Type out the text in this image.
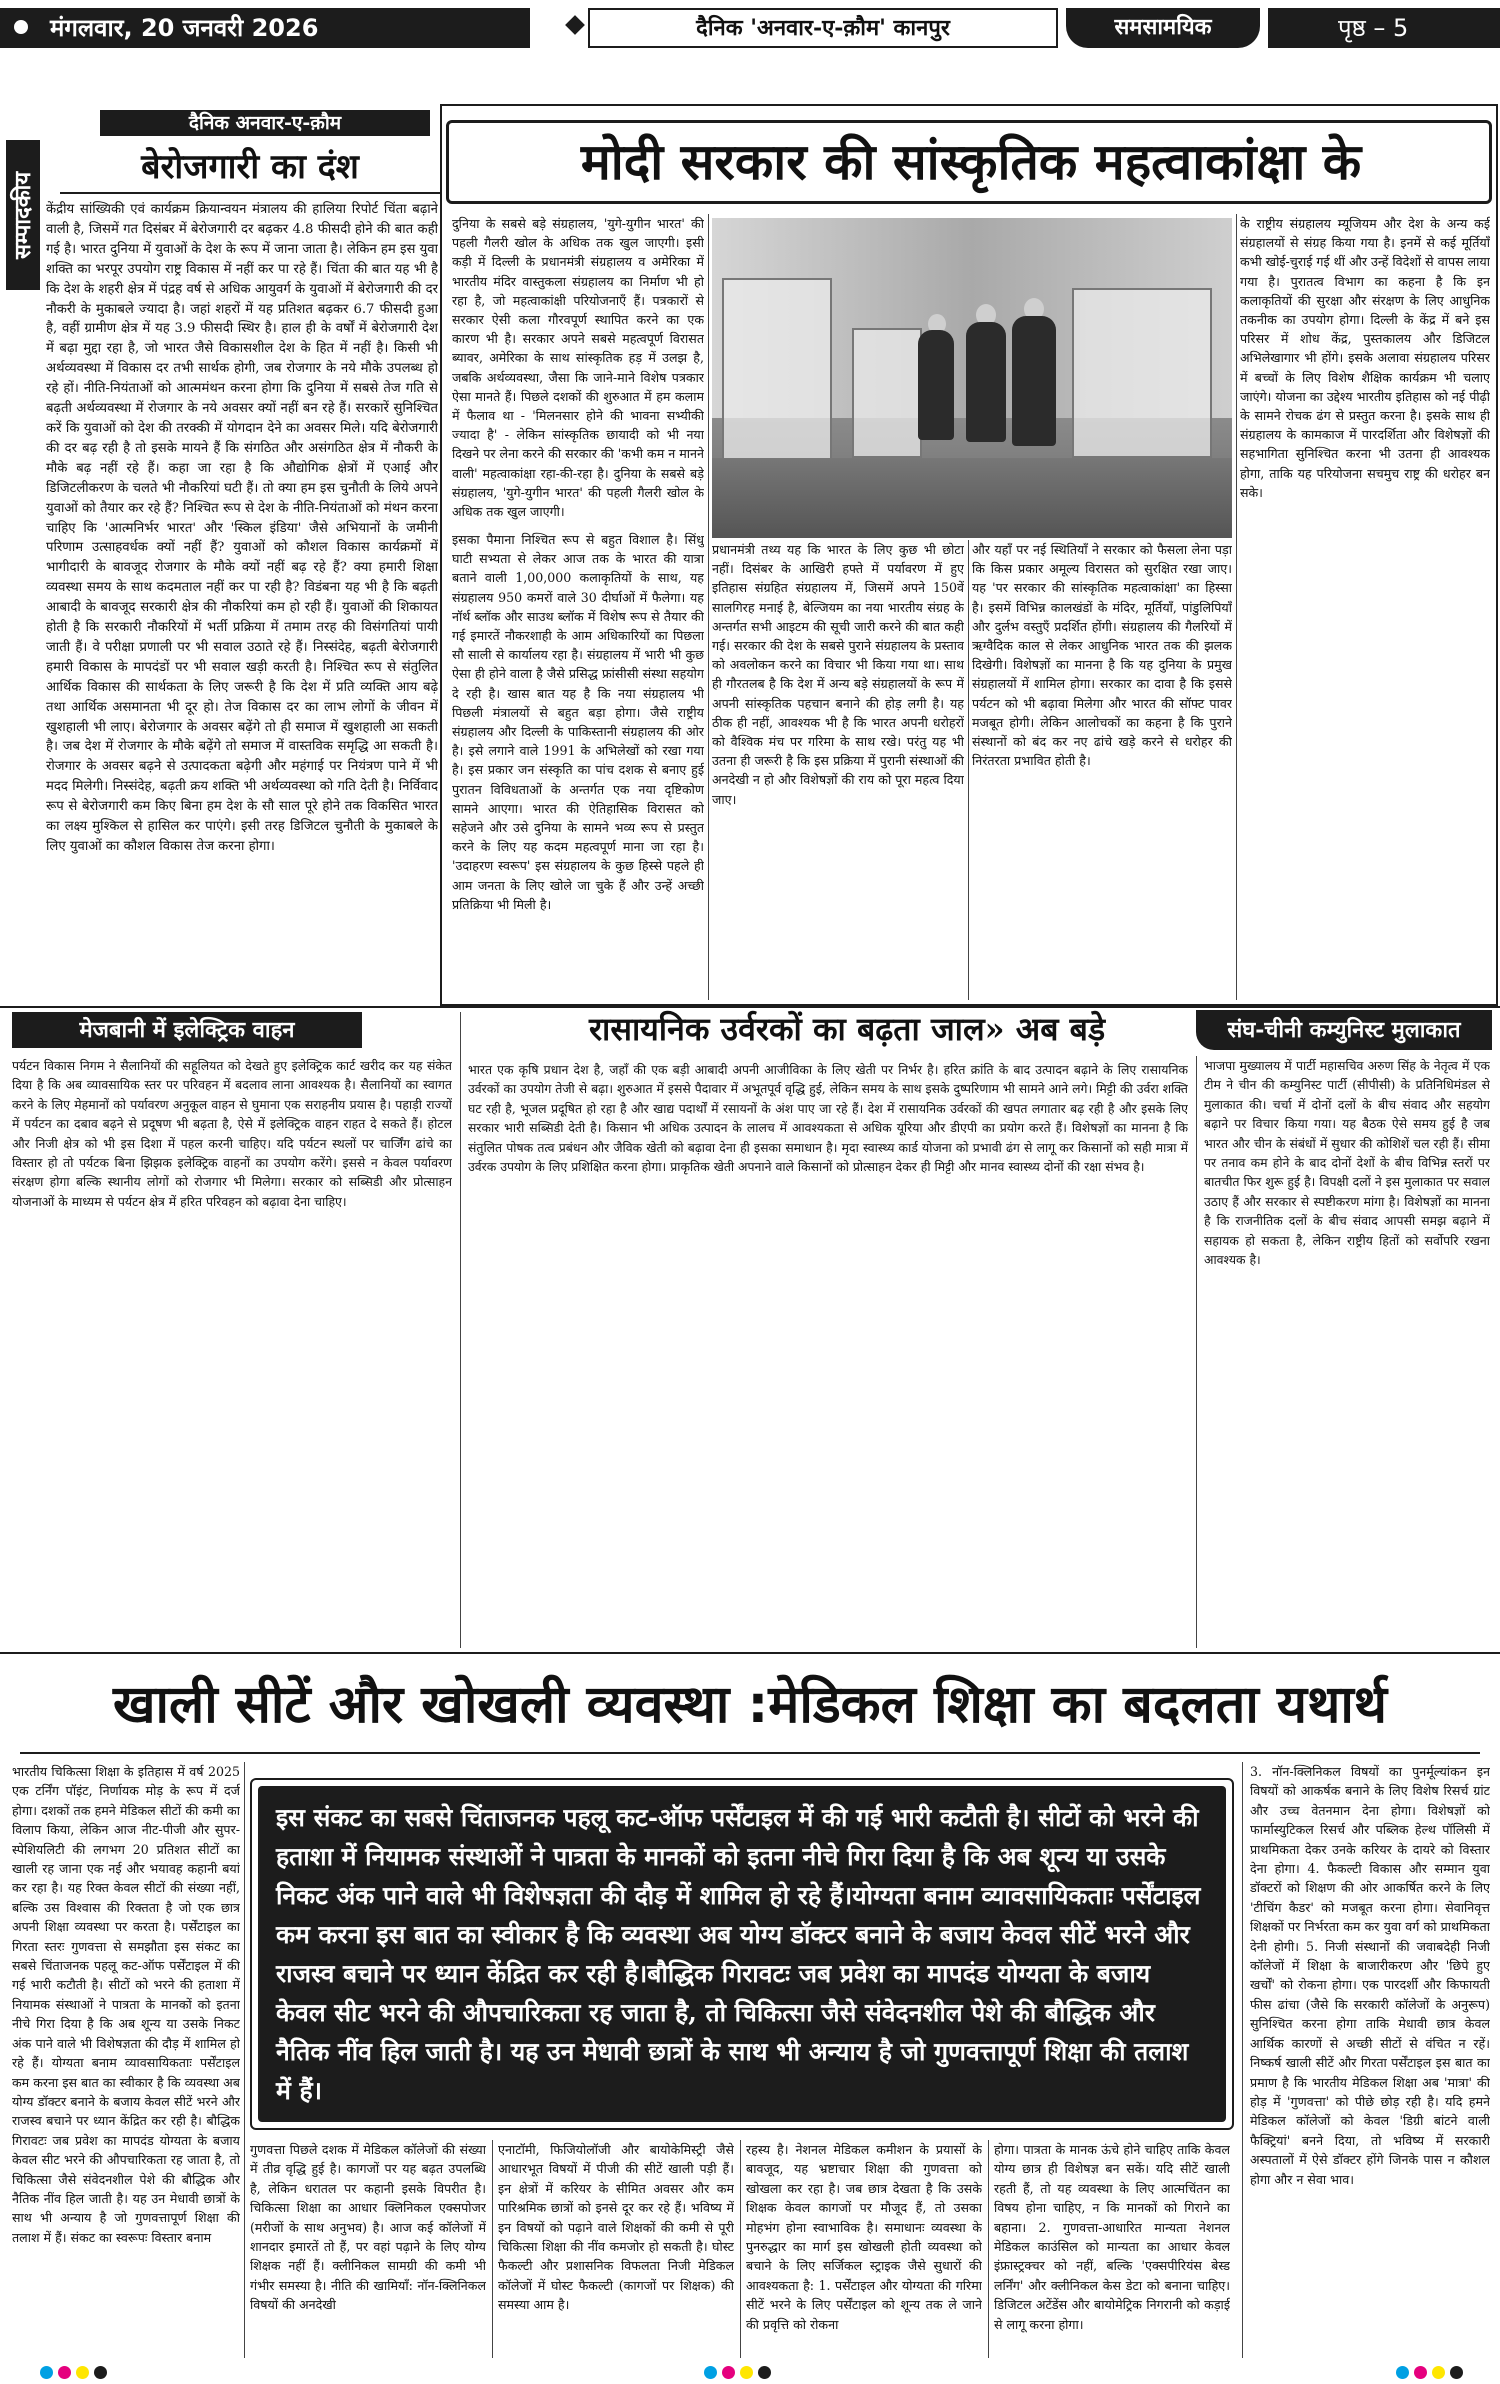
मंगलवार, 20 जनवरी 2026	दैनिक 'अनवार-ए-क़ौम' कानपुर	समसामयिक	पृष्ठ – 5
सम्पादकीय
दैनिक अनवार-ए-क़ौम
बेरोजगारी का दंश
केंद्रीय सांख्यिकी एवं कार्यक्रम क्रियान्वयन मंत्रालय की हालिया रिपोर्ट चिंता बढ़ाने वाली है, जिसमें गत दिसंबर में बेरोजगारी दर बढ़कर 4.8 फीसदी होने की बात कही गई है। भारत दुनिया में युवाओं के देश के रूप में जाना जाता है। लेकिन हम इस युवा शक्ति का भरपूर उपयोग राष्ट्र विकास में नहीं कर पा रहे हैं। चिंता की बात यह भी है कि देश के शहरी क्षेत्र में पंद्रह वर्ष से अधिक आयुवर्ग के युवाओं में बेरोजगारी की दर नौकरी के मुकाबले ज्यादा है। जहां शहरों में यह प्रतिशत बढ़कर 6.7 फीसदी हुआ है, वहीं ग्रामीण क्षेत्र में यह 3.9 फीसदी स्थिर है। हाल ही के वर्षों में बेरोजगारी देश में बढ़ा मुद्दा रहा है, जो भारत जैसे विकासशील देश के हित में नहीं है। किसी भी अर्थव्यवस्था में विकास दर तभी सार्थक होगी, जब रोजगार के नये मौके उपलब्ध हो रहे हों। नीति-नियंताओं को आत्ममंथन करना होगा कि दुनिया में सबसे तेज गति से बढ़ती अर्थव्यवस्था में रोजगार के नये अवसर क्यों नहीं बन रहे हैं। सरकारें सुनिश्चित करें कि युवाओं को देश की तरक्की में योगदान देने का अवसर मिले। यदि बेरोजगारी की दर बढ़ रही है तो इसके मायने हैं कि संगठित और असंगठित क्षेत्र में नौकरी के मौके बढ़ नहीं रहे हैं। कहा जा रहा है कि औद्योगिक क्षेत्रों में एआई और डिजिटलीकरण के चलते भी नौकरियां घटी हैं। तो क्या हम इस चुनौती के लिये अपने युवाओं को तैयार कर रहे हैं? निश्चित रूप से देश के नीति-नियंताओं को मंथन करना चाहिए कि 'आत्मनिर्भर भारत' और 'स्किल इंडिया' जैसे अभियानों के जमीनी परिणाम उत्साहवर्धक क्यों नहीं हैं? युवाओं को कौशल विकास कार्यक्रमों में भागीदारी के बावजूद रोजगार के मौके क्यों नहीं बढ़ रहे हैं? क्या हमारी शिक्षा व्यवस्था समय के साथ कदमताल नहीं कर पा रही है? विडंबना यह भी है कि बढ़ती आबादी के बावजूद सरकारी क्षेत्र की नौकरियां कम हो रही हैं। युवाओं की शिकायत होती है कि सरकारी नौकरियों में भर्ती प्रक्रिया में तमाम तरह की विसंगतियां पायी जाती हैं। वे परीक्षा प्रणाली पर भी सवाल उठाते रहे हैं। निस्संदेह, बढ़ती बेरोजगारी हमारी विकास के मापदंडों पर भी सवाल खड़ी करती है। निश्चित रूप से संतुलित आर्थिक विकास की सार्थकता के लिए जरूरी है कि देश में प्रति व्यक्ति आय बढ़े तथा आर्थिक असमानता भी दूर हो। तेज विकास दर का लाभ लोगों के जीवन में खुशहाली भी लाए। बेरोजगार के अवसर बढ़ेंगे तो ही समाज में खुशहाली आ सकती है। जब देश में रोजगार के मौके बढ़ेंगे तो समाज में वास्तविक समृद्धि आ सकती है। रोजगार के अवसर बढ़ने से उत्पादकता बढ़ेगी और महंगाई पर नियंत्रण पाने में भी मदद मिलेगी। निस्संदेह, बढ़ती क्रय शक्ति भी अर्थव्यवस्था को गति देती है। निर्विवाद रूप से बेरोजगारी कम किए बिना हम देश के सौ साल पूरे होने तक विकसित भारत का लक्ष्य मुश्किल से हासिल कर पाएंगे। इसी तरह डिजिटल चुनौती के मुकाबले के लिए युवाओं का कौशल विकास तेज करना होगा।
मोदी सरकार की सांस्कृतिक महत्वाकांक्षा के
दुनिया के सबसे बड़े संग्रहालय, 'युगे-युगीन भारत' की पहली गैलरी खोल के अधिक तक खुल जाएगी। इसी कड़ी में दिल्ली के प्रधानमंत्री संग्रहालय व अमेरिका में भारतीय मंदिर वास्तुकला संग्रहालय का निर्माण भी हो रहा है, जो महत्वाकांक्षी परियोजनाएँ हैं। पत्रकारों से सरकार ऐसी कला गौरवपूर्ण स्थापित करने का एक कारण भी है। सरकार अपने सबसे महत्वपूर्ण विरासत ब्यावर, अमेरिका के साथ सांस्कृतिक हड़ में उलझ है, जबकि अर्थव्यवस्था, जैसा कि जाने-माने विशेष पत्रकार ऐसा मानते हैं। पिछले दशकों की शुरुआत में हम कलाम में फैलाव था - 'मिलनसार होने की भावना सभ्यीकी ज्यादा है' - लेकिन सांस्कृतिक छायादी को भी नया दिखने पर लेना करने की सरकार की 'कभी कम न मानने वाली' महत्वाकांक्षा रहा-की-रहा है। दुनिया के सबसे बड़े संग्रहालय, 'युगे-युगीन भारत' की पहली गैलरी खोल के अधिक तक खुल जाएगी।
के राष्ट्रीय संग्रहालय म्यूजियम और देश के अन्य कई संग्रहालयों से संग्रह किया गया है। इनमें से कई मूर्तियाँ कभी खोई-चुराई गई थीं और उन्हें विदेशों से वापस लाया गया है। पुरातत्व विभाग का कहना है कि इन कलाकृतियों की सुरक्षा और संरक्षण के लिए आधुनिक तकनीक का उपयोग होगा। दिल्ली के केंद्र में बने इस परिसर में शोध केंद्र, पुस्तकालय और डिजिटल अभिलेखागार भी होंगे। इसके अलावा संग्रहालय परिसर में बच्चों के लिए विशेष शैक्षिक कार्यक्रम भी चलाए जाएंगे। योजना का उद्देश्य भारतीय इतिहास को नई पीढ़ी के सामने रोचक ढंग से प्रस्तुत करना है। इसके साथ ही संग्रहालय के कामकाज में पारदर्शिता और विशेषज्ञों की सहभागिता सुनिश्चित करना भी उतना ही आवश्यक होगा, ताकि यह परियोजना सचमुच राष्ट्र की धरोहर बन सके।
इसका पैमाना निश्चित रूप से बहुत विशाल है। सिंधु घाटी सभ्यता से लेकर आज तक के भारत की यात्रा बताने वाली 1,00,000 कलाकृतियों के साथ, यह संग्रहालय 950 कमरों वाले 30 दीर्घाओं में फैलेगा। यह नॉर्थ ब्लॉक और साउथ ब्लॉक में विशेष रूप से तैयार की गई इमारतें नौकरशाही के आम अधिकारियों का पिछला सौ साली से कार्यालय रहा है। संग्रहालय में भारी भी कुछ ऐसा ही होने वाला है जैसे प्रसिद्ध फ्रांसीसी संस्था सहयोग दे रही है। खास बात यह है कि नया संग्रहालय भी पिछली मंत्रालयों से बहुत बड़ा होगा। जैसे राष्ट्रीय संग्रहालय और दिल्ली के पाकिस्तानी संग्रहालय की ओर है। इसे लगाने वाले 1991 के अभिलेखों को रखा गया है। इस प्रकार जन संस्कृति का पांच दशक से बनाए हुई पुरातन विविधताओं के अन्तर्गत एक नया दृष्टिकोण सामने आएगा। भारत की ऐतिहासिक विरासत को सहेजने और उसे दुनिया के सामने भव्य रूप से प्रस्तुत करने के लिए यह कदम महत्वपूर्ण माना जा रहा है। 'उदाहरण स्वरूप' इस संग्रहालय के कुछ हिस्से पहले ही आम जनता के लिए खोले जा चुके हैं और उन्हें अच्छी प्रतिक्रिया भी मिली है।
प्रधानमंत्री तथ्य यह कि भारत के लिए कुछ भी छोटा नहीं। दिसंबर के आखिरी हफ्ते में पर्यावरण में हुए इतिहास संग्रहित संग्रहालय में, जिसमें अपने 150वें सालगिरह मनाई है, बेल्जियम का नया भारतीय संग्रह के अन्तर्गत सभी आइटम की सूची जारी करने की बात कही गई। सरकार की देश के सबसे पुराने संग्रहालय के प्रस्ताव को अवलोकन करने का विचार भी किया गया था। साथ ही गौरतलब है कि देश में अन्य बड़े संग्रहालयों के रूप में अपनी सांस्कृतिक पहचान बनाने की होड़ लगी है। यह ठीक ही नहीं, आवश्यक भी है कि भारत अपनी धरोहरों को वैश्विक मंच पर गरिमा के साथ रखे। परंतु यह भी उतना ही जरूरी है कि इस प्रक्रिया में पुरानी संस्थाओं की अनदेखी न हो और विशेषज्ञों की राय को पूरा महत्व दिया जाए।
और यहाँ पर नई स्थितियाँ ने सरकार को फैसला लेना पड़ा कि किस प्रकार अमूल्य विरासत को सुरक्षित रखा जाए। यह 'पर सरकार की सांस्कृतिक महत्वाकांक्षा' का हिस्सा है। इसमें विभिन्न कालखंडों के मंदिर, मूर्तियाँ, पांडुलिपियाँ और दुर्लभ वस्तुएँ प्रदर्शित होंगी। संग्रहालय की गैलरियों में ऋग्वैदिक काल से लेकर आधुनिक भारत तक की झलक दिखेगी। विशेषज्ञों का मानना है कि यह दुनिया के प्रमुख संग्रहालयों में शामिल होगा। सरकार का दावा है कि इससे पर्यटन को भी बढ़ावा मिलेगा और भारत की सॉफ्ट पावर मजबूत होगी। लेकिन आलोचकों का कहना है कि पुराने संस्थानों को बंद कर नए ढांचे खड़े करने से धरोहर की निरंतरता प्रभावित होती है।
मेजबानी में इलेक्ट्रिक वाहन	रासायनिक उर्वरकों का बढ़ता जाल» अब बड़े	संघ-चीनी कम्युनिस्ट मुलाकात
पर्यटन विकास निगम ने सैलानियों की सहूलियत को देखते हुए इलेक्ट्रिक कार्ट खरीद कर यह संकेत दिया है कि अब व्यावसायिक स्तर पर परिवहन में बदलाव लाना आवश्यक है। सैलानियों का स्वागत करने के लिए मेहमानों को पर्यावरण अनुकूल वाहन से घुमाना एक सराहनीय प्रयास है। पहाड़ी राज्यों में पर्यटन का दबाव बढ़ने से प्रदूषण भी बढ़ता है, ऐसे में इलेक्ट्रिक वाहन राहत दे सकते हैं। होटल और निजी क्षेत्र को भी इस दिशा में पहल करनी चाहिए। यदि पर्यटन स्थलों पर चार्जिंग ढांचे का विस्तार हो तो पर्यटक बिना झिझक इलेक्ट्रिक वाहनों का उपयोग करेंगे। इससे न केवल पर्यावरण संरक्षण होगा बल्कि स्थानीय लोगों को रोजगार भी मिलेगा। सरकार को सब्सिडी और प्रोत्साहन योजनाओं के माध्यम से पर्यटन क्षेत्र में हरित परिवहन को बढ़ावा देना चाहिए।
भारत एक कृषि प्रधान देश है, जहाँ की एक बड़ी आबादी अपनी आजीविका के लिए खेती पर निर्भर है। हरित क्रांति के बाद उत्पादन बढ़ाने के लिए रासायनिक उर्वरकों का उपयोग तेजी से बढ़ा। शुरुआत में इससे पैदावार में अभूतपूर्व वृद्धि हुई, लेकिन समय के साथ इसके दुष्परिणाम भी सामने आने लगे। मिट्टी की उर्वरा शक्ति घट रही है, भूजल प्रदूषित हो रहा है और खाद्य पदार्थों में रसायनों के अंश पाए जा रहे हैं। देश में रासायनिक उर्वरकों की खपत लगातार बढ़ रही है और इसके लिए सरकार भारी सब्सिडी देती है। किसान भी अधिक उत्पादन के लालच में आवश्यकता से अधिक यूरिया और डीएपी का प्रयोग करते हैं। विशेषज्ञों का मानना है कि संतुलित पोषक तत्व प्रबंधन और जैविक खेती को बढ़ावा देना ही इसका समाधान है। मृदा स्वास्थ्य कार्ड योजना को प्रभावी ढंग से लागू कर किसानों को सही मात्रा में उर्वरक उपयोग के लिए प्रशिक्षित करना होगा। प्राकृतिक खेती अपनाने वाले किसानों को प्रोत्साहन देकर ही मिट्टी और मानव स्वास्थ्य दोनों की रक्षा संभव है।
भाजपा मुख्यालय में पार्टी महासचिव अरुण सिंह के नेतृत्व में एक टीम ने चीन की कम्युनिस्ट पार्टी (सीपीसी) के प्रतिनिधिमंडल से मुलाकात की। चर्चा में दोनों दलों के बीच संवाद और सहयोग बढ़ाने पर विचार किया गया। यह बैठक ऐसे समय हुई है जब भारत और चीन के संबंधों में सुधार की कोशिशें चल रही हैं। सीमा पर तनाव कम होने के बाद दोनों देशों के बीच विभिन्न स्तरों पर बातचीत फिर शुरू हुई है। विपक्षी दलों ने इस मुलाकात पर सवाल उठाए हैं और सरकार से स्पष्टीकरण मांगा है। विशेषज्ञों का मानना है कि राजनीतिक दलों के बीच संवाद आपसी समझ बढ़ाने में सहायक हो सकता है, लेकिन राष्ट्रीय हितों को सर्वोपरि रखना आवश्यक है।
खाली सीटें और खोखली व्यवस्था :मेडिकल शिक्षा का बदलता यथार्थ
भारतीय चिकित्सा शिक्षा के इतिहास में वर्ष 2025 एक टर्निंग पॉइंट, निर्णायक मोड़ के रूप में दर्ज होगा। दशकों तक हमने मेडिकल सीटों की कमी का विलाप किया, लेकिन आज नीट-पीजी और सुपर-स्पेशियलिटी की लगभग 20 प्रतिशत सीटों का खाली रह जाना एक नई और भयावह कहानी बयां कर रहा है। यह रिक्त केवल सीटों की संख्या नहीं, बल्कि उस विश्वास की रिक्तता है जो एक छात्र अपनी शिक्षा व्यवस्था पर करता है। पर्सेंटाइल का गिरता स्तरः गुणवत्ता से समझौता इस संकट का सबसे चिंताजनक पहलू कट-ऑफ पर्सेंटाइल में की गई भारी कटौती है। सीटों को भरने की हताशा में नियामक संस्थाओं ने पात्रता के मानकों को इतना नीचे गिरा दिया है कि अब शून्य या उसके निकट अंक पाने वाले भी विशेषज्ञता की दौड़ में शामिल हो रहे हैं। योग्यता बनाम व्यावसायिकताः पर्सेंटाइल कम करना इस बात का स्वीकार है कि व्यवस्था अब योग्य डॉक्टर बनाने के बजाय केवल सीटें भरने और राजस्व बचाने पर ध्यान केंद्रित कर रही है। बौद्धिक गिरावटः जब प्रवेश का मापदंड योग्यता के बजाय केवल सीट भरने की औपचारिकता रह जाता है, तो चिकित्सा जैसे संवेदनशील पेशे की बौद्धिक और नैतिक नींव हिल जाती है। यह उन मेधावी छात्रों के साथ भी अन्याय है जो गुणवत्तापूर्ण शिक्षा की तलाश में हैं। संकट का स्वरूपः विस्तार बनाम
इस संकट का सबसे चिंताजनक पहलू कट-ऑफ पर्सेंटाइल में की गई भारी कटौती है। सीटों को भरने की हताशा में नियामक संस्थाओं ने पात्रता के मानकों को इतना नीचे गिरा दिया है कि अब शून्य या उसके निकट अंक पाने वाले भी विशेषज्ञता की दौड़ में शामिल हो रहे हैं।योग्यता बनाम व्यावसायिकताः पर्सेंटाइल कम करना इस बात का स्वीकार है कि व्यवस्था अब योग्य डॉक्टर बनाने के बजाय केवल सीटें भरने और राजस्व बचाने पर ध्यान केंद्रित कर रही है।बौद्धिक गिरावटः जब प्रवेश का मापदंड योग्यता के बजाय केवल सीट भरने की औपचारिकता रह जाता है, तो चिकित्सा जैसे संवेदनशील पेशे की बौद्धिक और नैतिक नींव हिल जाती है। यह उन मेधावी छात्रों के साथ भी अन्याय है जो गुणवत्तापूर्ण शिक्षा की तलाश में हैं।
3. नॉन-क्लिनिकल विषयों का पुनर्मूल्यांकन इन विषयों को आकर्षक बनाने के लिए विशेष रिसर्च ग्रांट और उच्च वेतनमान देना होगा। विशेषज्ञों को फार्मास्युटिकल रिसर्च और पब्लिक हेल्थ पॉलिसी में प्राथमिकता देकर उनके करियर के दायरे को विस्तार देना होगा। 4. फैकल्टी विकास और सम्मान युवा डॉक्टरों को शिक्षण की ओर आकर्षित करने के लिए 'टीचिंग कैडर' को मजबूत करना होगा। सेवानिवृत्त शिक्षकों पर निर्भरता कम कर युवा वर्ग को प्राथमिकता देनी होगी। 5. निजी संस्थानों की जवाबदेही निजी कॉलेजों में शिक्षा के बाजारीकरण और 'छिपे हुए खर्चों' को रोकना होगा। एक पारदर्शी और किफायती फीस ढांचा (जैसे कि सरकारी कॉलेजों के अनुरूप) सुनिश्चित करना होगा ताकि मेधावी छात्र केवल आर्थिक कारणों से अच्छी सीटों से वंचित न रहें। निष्कर्ष खाली सीटें और गिरता पर्सेंटाइल इस बात का प्रमाण है कि भारतीय मेडिकल शिक्षा अब 'मात्रा' की होड़ में 'गुणवत्ता' को पीछे छोड़ रही है। यदि हमने मेडिकल कॉलेजों को केवल 'डिग्री बांटने वाली फैक्ट्रियां' बनने दिया, तो भविष्य में सरकारी अस्पतालों में ऐसे डॉक्टर होंगे जिनके पास न कौशल होगा और न सेवा भाव।
गुणवत्ता पिछले दशक में मेडिकल कॉलेजों की संख्या में तीव्र वृद्धि हुई है। कागजों पर यह बढ़त उपलब्धि है, लेकिन धरातल पर कहानी इसके विपरीत है। चिकित्सा शिक्षा का आधार क्लिनिकल एक्सपोजर (मरीजों के साथ अनुभव) है। आज कई कॉलेजों में शानदार इमारतें तो हैं, पर वहां पढ़ाने के लिए योग्य शिक्षक नहीं हैं। क्लीनिकल सामग्री की कमी भी गंभीर समस्या है। नीति की खामियाँ: नॉन-क्लिनिकल विषयों की अनदेखी
एनाटॉमी, फिजियोलॉजी और बायोकेमिस्ट्री जैसे आधारभूत विषयों में पीजी की सीटें खाली पड़ी हैं। इन क्षेत्रों में करियर के सीमित अवसर और कम पारिश्रमिक छात्रों को इनसे दूर कर रहे हैं। भविष्य में इन विषयों को पढ़ाने वाले शिक्षकों की कमी से पूरी चिकित्सा शिक्षा की नींव कमजोर हो सकती है। घोस्ट फैकल्टी और प्रशासनिक विफलता निजी मेडिकल कॉलेजों में घोस्ट फैकल्टी (कागजों पर शिक्षक) की समस्या आम है।
रहस्य है। नेशनल मेडिकल कमीशन के प्रयासों के बावजूद, यह भ्रष्टाचार शिक्षा की गुणवत्ता को खोखला कर रहा है। जब छात्र देखता है कि उसके शिक्षक केवल कागजों पर मौजूद हैं, तो उसका मोहभंग होना स्वाभाविक है। समाधानः व्यवस्था के पुनरुद्धार का मार्ग इस खोखली होती व्यवस्था को बचाने के लिए सर्जिकल स्ट्राइक जैसे सुधारों की आवश्यकता है: 1. पर्सेंटाइल और योग्यता की गरिमा सीटें भरने के लिए पर्सेंटाइल को शून्य तक ले जाने की प्रवृत्ति को रोकना
होगा। पात्रता के मानक ऊंचे होने चाहिए ताकि केवल योग्य छात्र ही विशेषज्ञ बन सकें। यदि सीटें खाली रहती हैं, तो यह व्यवस्था के लिए आत्मचिंतन का विषय होना चाहिए, न कि मानकों को गिराने का बहाना। 2. गुणवत्ता-आधारित मान्यता नेशनल मेडिकल काउंसिल को मान्यता का आधार केवल इंफ्रास्ट्रक्चर को नहीं, बल्कि 'एक्सपीरियंस बेस्ड लर्निंग' और क्लीनिकल केस डेटा को बनाना चाहिए। डिजिटल अटेंडेंस और बायोमेट्रिक निगरानी को कड़ाई से लागू करना होगा।
